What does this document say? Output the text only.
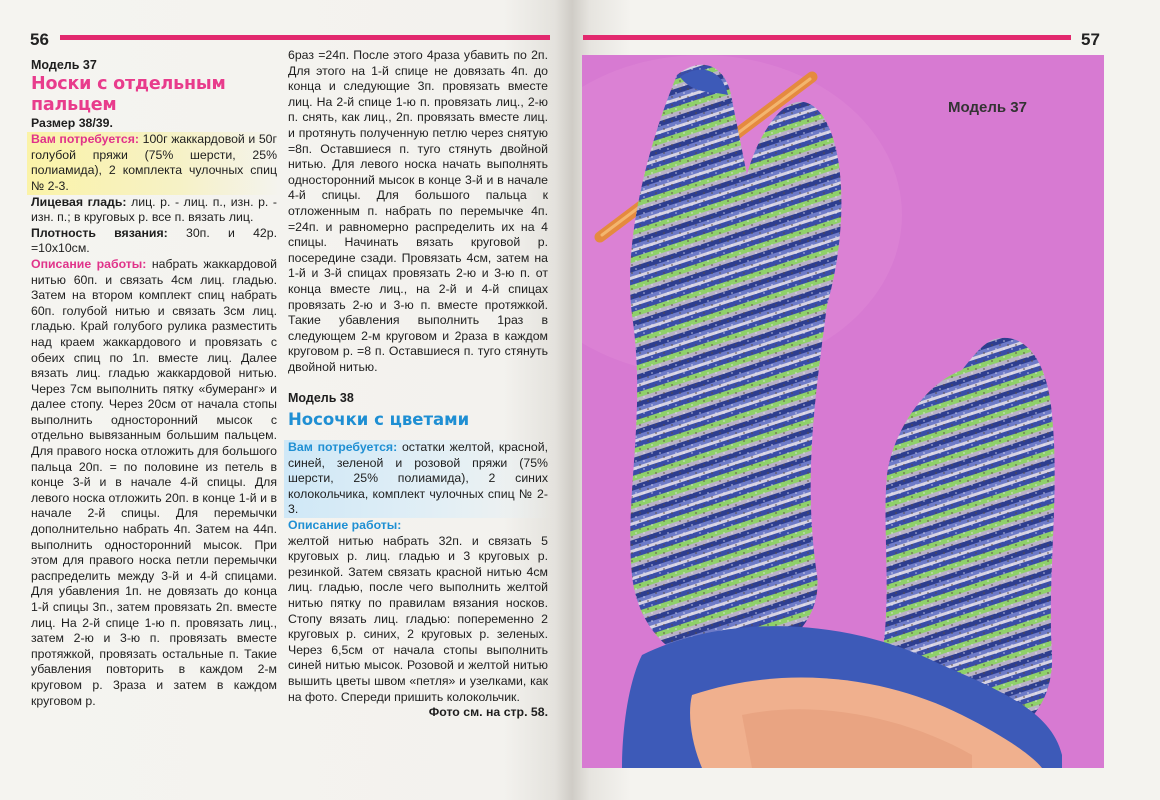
56

Модель 37

Носки с отдельным
пальцем

Размер 38/39.

Вам потребуется: 100г жаккардовой и 50г голубой пряжи (75% шерсти, 25% полиамида), 2 комплекта чулочных спиц № 2-3.

Лицевая гладь: лиц. р. - лиц. п., изн. р. - изн. п.; в круговых р. все п. вязать лиц.

Плотность вязания: 30п. и 42р. =10х10см.

Описание работы: набрать жаккардовой нитью 60п. и связать 4см лиц. гладью. Затем на втором комплект спиц набрать 60п. голубой нитью и связать 3см лиц. гладью. Край голубого рулика разместить над краем жаккардового и провязать с обеих спиц по 1п. вместе лиц. Далее вязать лиц. гладью жаккардовой нитью. Через 7см выполнить пятку «бумеранг» и далее стопу. Через 20см от начала стопы выполнить односторонний мысок с отдельно вывязанным большим пальцем. Для правого носка отложить для большого пальца 20п. = по половине из петель в конце 3-й и в начале 4-й спицы. Для левого носка отложить 20п. в конце 1-й и в начале 2-й спицы. Для перемычки дополнительно набрать 4п. Затем на 44п. выполнить односторонний мысок. При этом для правого носка петли перемычки распределить между 3-й и 4-й спицами. Для убавления 1п. не довязать до конца 1-й спицы 3п., затем провязать 2п. вместе лиц. На 2-й спице 1-ю п. провязать лиц., затем 2-ю и 3-ю п. провязать вместе протяжкой, провязать остальные п. Такие убавления повторить в каждом 2-м круговом р. 3раза и затем в каждом круговом р.

6раз =24п. После этого 4раза убавить по 2п. Для этого на 1-й спице не довязать 4п. до конца и следующие 3п. провязать вместе лиц. На 2-й спице 1-ю п. провязать лиц., 2-ю п. снять, как лиц., 2п. провязать вместе лиц. и протянуть полученную петлю через снятую =8п. Оставшиеся п. туго стянуть двойной нитью. Для левого носка начать выполнять односторонний мысок в конце 3-й и в начале 4-й спицы. Для большого пальца к отложенным п. набрать по перемычке 4п. =24п. и равномерно распределить их на 4 спицы. Начинать вязать круговой р. посередине сзади. Провязать 4см, затем на 1-й и 3-й спицах провязать 2-ю и 3-ю п. от конца вместе лиц., на 2-й и 4-й спицах провязать 2-ю и 3-ю п. вместе протяжкой. Такие убавления выполнить 1раз в следующем 2-м круговом и 2раза в каждом круговом р. =8 п. Оставшиеся п. туго стянуть двойной нитью.

Модель 38

Носочки с цветами

Вам потребуется: остатки желтой, красной, синей, зеленой и розовой пряжи (75% шерсти, 25% полиамида), 2 синих колокольчика, комплект чулочных спиц № 2-3.

Описание работы:

желтой нитью набрать 32п. и связать 5 круговых р. лиц. гладью и 3 круговых р. резинкой. Затем связать красной нитью 4см лиц. гладью, после чего выполнить желтой нитью пятку по правилам вязания носков. Стопу вязать лиц. гладью: попеременно 2 круговых р. синих, 2 круговых р. зеленых. Через 6,5см от начала стопы выполнить синей нитью мысок. Розовой и желтой нитью вышить цветы швом «петля» и узелками, как на фото. Спереди пришить колокольчик.

Фото см. на стр. 58.

57
Модель 37
